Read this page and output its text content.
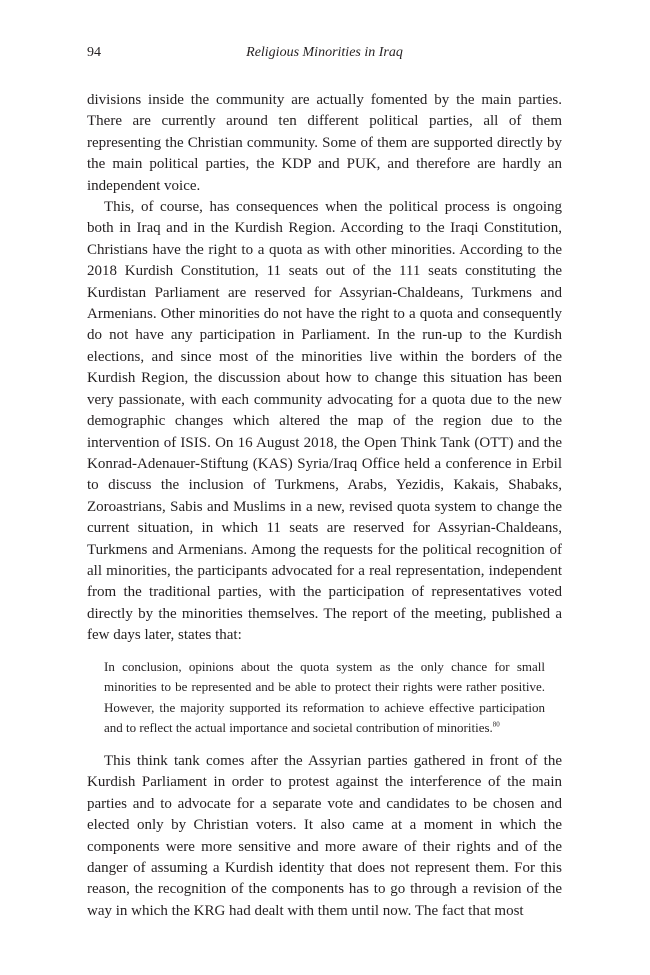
94	Religious Minorities in Iraq

divisions inside the community are actually fomented by the main parties. There are currently around ten different political parties, all of them representing the Christian community. Some of them are supported directly by the main political parties, the KDP and PUK, and therefore are hardly an independent voice.

This, of course, has consequences when the political process is ongoing both in Iraq and in the Kurdish Region. According to the Iraqi Constitution, Christians have the right to a quota as with other minorities. According to the 2018 Kurdish Constitution, 11 seats out of the 111 seats constituting the Kurdistan Parliament are reserved for Assyrian-Chaldeans, Turkmens and Armenians. Other minorities do not have the right to a quota and consequently do not have any participation in Parliament. In the run-up to the Kurdish elections, and since most of the minorities live within the borders of the Kurdish Region, the discussion about how to change this situation has been very passionate, with each community advocating for a quota due to the new demographic changes which altered the map of the region due to the intervention of ISIS. On 16 August 2018, the Open Think Tank (OTT) and the Konrad-Adenauer-Stiftung (KAS) Syria/Iraq Office held a conference in Erbil to discuss the inclusion of Turkmens, Arabs, Yezidis, Kakais, Shabaks, Zoroastrians, Sabis and Muslims in a new, revised quota system to change the current situation, in which 11 seats are reserved for Assyrian-Chaldeans, Turkmens and Armenians. Among the requests for the political recognition of all minorities, the participants advocated for a real representation, independent from the traditional parties, with the participation of representatives voted directly by the minorities themselves. The report of the meeting, published a few days later, states that:

In conclusion, opinions about the quota system as the only chance for small minorities to be represented and be able to protect their rights were rather positive. However, the majority supported its reformation to achieve effective participation and to reflect the actual importance and societal contribution of minorities.$^{80}$

This think tank comes after the Assyrian parties gathered in front of the Kurdish Parliament in order to protest against the interference of the main parties and to advocate for a separate vote and candidates to be chosen and elected only by Christian voters. It also came at a moment in which the components were more sensitive and more aware of their rights and of the danger of assuming a Kurdish identity that does not represent them. For this reason, the recognition of the components has to go through a revision of the way in which the KRG had dealt with them until now. The fact that most
